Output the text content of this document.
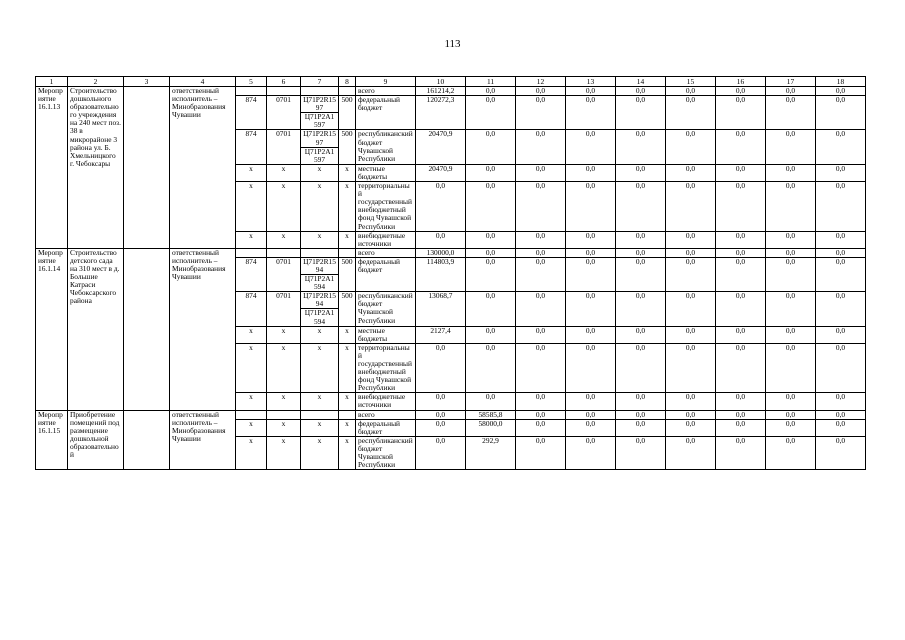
113
1	2	3	4	5	6	7	8	9	10	11	12	13	14	15	16	17	18
Мероприятие 16.1.13	Строительство дошкольного образовательного учреждения на 240 мест поз. 38 в микрорайоне 3 района ул. Б. Хмельницкого г. Чебоксары		ответственный исполнитель – Минобразования Чувашии					всего	161214,2	0,0	0,0	0,0	0,0	0,0	0,0	0,0	0,0
				874	0701	Ц71P2R1597	500	федеральный бюджет	120272,3	0,0	0,0	0,0	0,0	0,0	0,0	0,0	0,0
						Ц71P2A1597											
				874	0701	Ц71P2R1597	500	республиканский бюджет Чувашской Республики	20470,9	0,0	0,0	0,0	0,0	0,0	0,0	0,0	0,0
						Ц71P2A1597											
				x	x	x	x	местные бюджеты	20470,9	0,0	0,0	0,0	0,0	0,0	0,0	0,0	0,0
				x	x	x	x	территориальный государственный внебюджетный фонд Чувашской Республики	0,0	0,0	0,0	0,0	0,0	0,0	0,0	0,0	0,0
				x	x	x	x	внебюджетные источники	0,0	0,0	0,0	0,0	0,0	0,0	0,0	0,0	0,0
Мероприятие 16.1.14	Строительство детского сада на 310 мест в д. Большие Катраси Чебоксарского района		ответственный исполнитель – Минобразования Чувашии					всего	130000,0	0,0	0,0	0,0	0,0	0,0	0,0	0,0	0,0
				874	0701	Ц71P2R1594	500	федеральный бюджет	114803,9	0,0	0,0	0,0	0,0	0,0	0,0	0,0	0,0
						Ц71P2A1594											
				874	0701	Ц71P2R1594	500	республиканский бюджет Чувашской Республики	13068,7	0,0	0,0	0,0	0,0	0,0	0,0	0,0	0,0
						Ц71P2A1594											
				x	x	x	x	местные бюджеты	2127,4	0,0	0,0	0,0	0,0	0,0	0,0	0,0	0,0
				x	x	x	x	территориальный государственный внебюджетный фонд Чувашской Республики	0,0	0,0	0,0	0,0	0,0	0,0	0,0	0,0	0,0
				x	x	x	x	внебюджетные источники	0,0	0,0	0,0	0,0	0,0	0,0	0,0	0,0	0,0
Мероприятие 16.1.15	Приобретение помещений под размещение дошкольной образовательной		ответственный исполнитель – Минобразования Чувашии					всего	0,0	58585,8	0,0	0,0	0,0	0,0	0,0	0,0	0,0
				x	x	x	x	федеральный бюджет	0,0	58000,0	0,0	0,0	0,0	0,0	0,0	0,0	0,0
				x	x	x	x	республиканский бюджет Чувашской Республики	0,0	292,9	0,0	0,0	0,0	0,0	0,0	0,0	0,0
